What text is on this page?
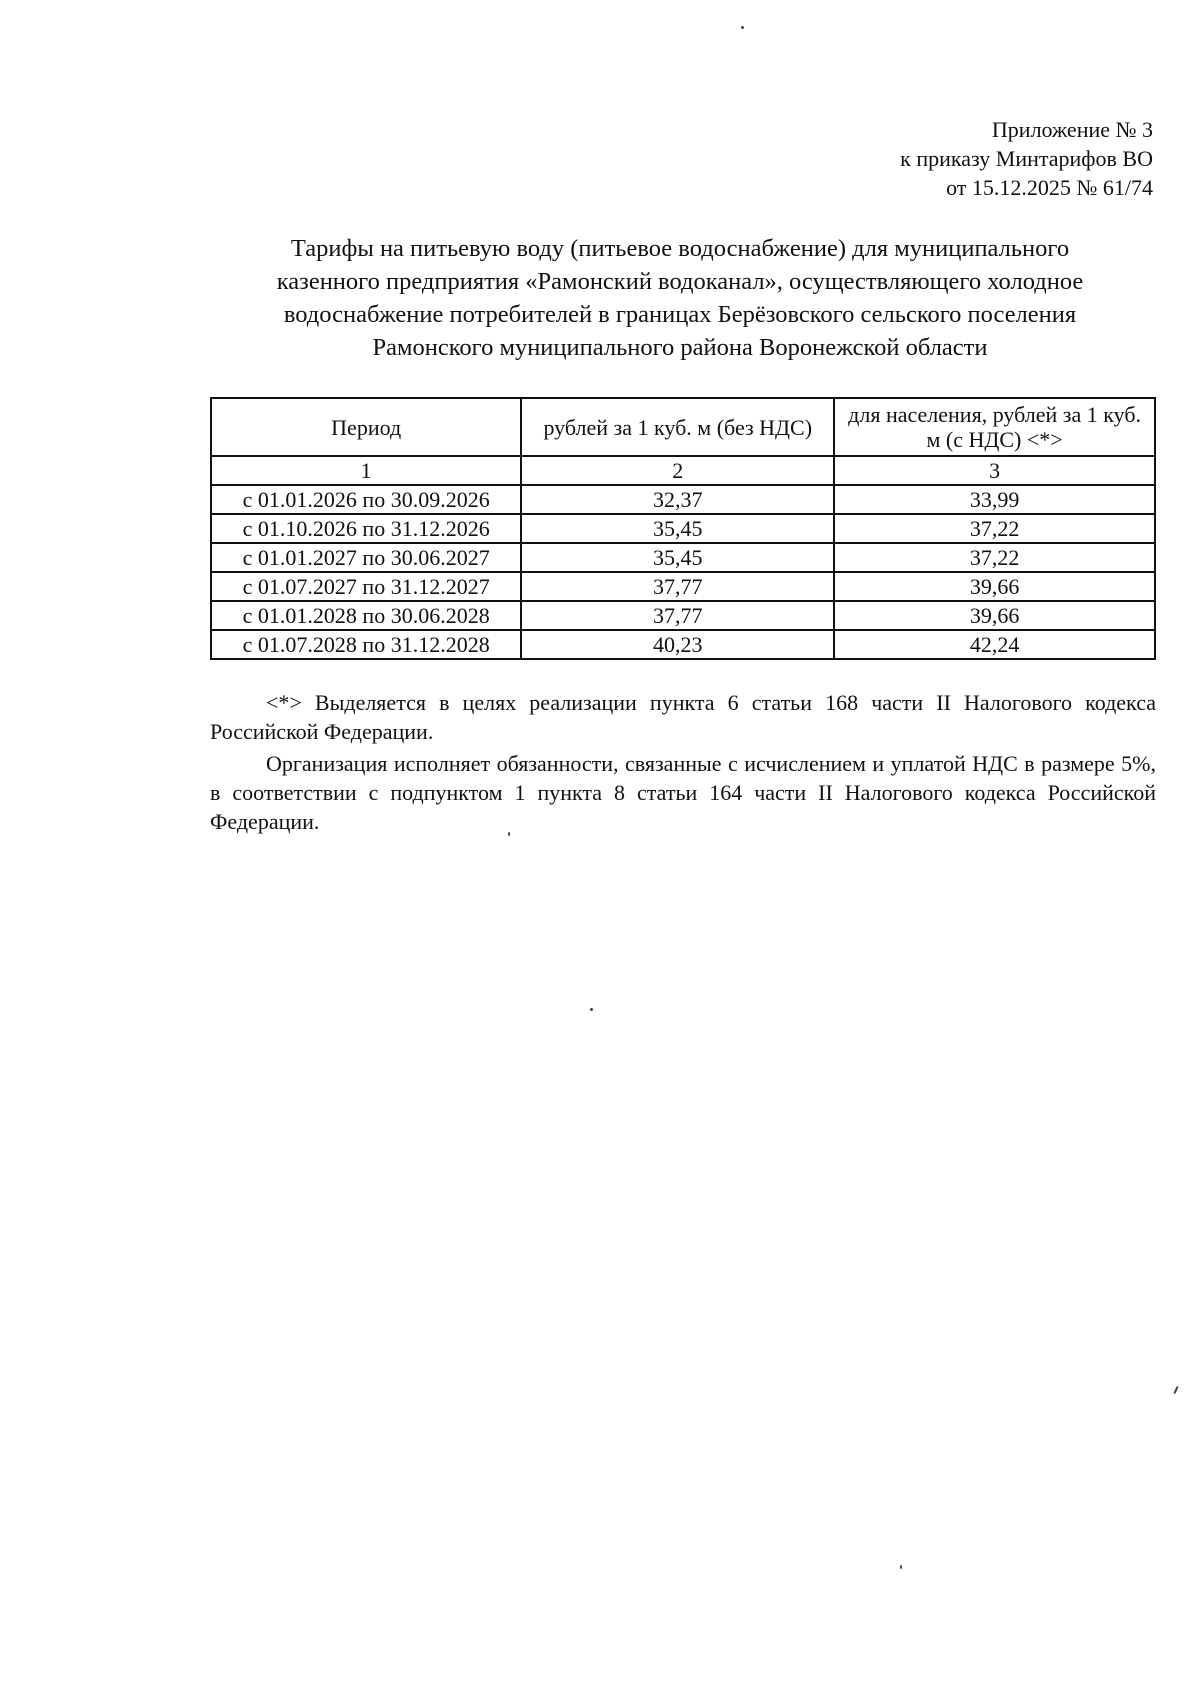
Приложение № 3
к приказу Минтарифов ВО
от 15.12.2025 № 61/74
Тарифы на питьевую воду (питьевое водоснабжение) для муниципального
казенного предприятия «Рамонский водоканал», осуществляющего холодное
водоснабжение потребителей в границах Берёзовского сельского поселения
Рамонского муниципального района Воронежской области
Период	рублей за 1 куб. м (без НДС)	для населения, рублей за 1 куб. м (с НДС) <*>
1	2	3
с 01.01.2026 по 30.09.2026	32,37	33,99
с 01.10.2026 по 31.12.2026	35,45	37,22
с 01.01.2027 по 30.06.2027	35,45	37,22
с 01.07.2027 по 31.12.2027	37,77	39,66
с 01.01.2028 по 30.06.2028	37,77	39,66
с 01.07.2028 по 31.12.2028	40,23	42,24

<*> Выделяется в целях реализации пункта 6 статьи 168 части II Налогового кодекса Российской Федерации.

Организация исполняет обязанности, связанные с исчислением и уплатой НДС в размере 5%, в соответствии с подпунктом 1 пункта 8 статьи 164 части II Налогового кодекса Российской Федерации.
